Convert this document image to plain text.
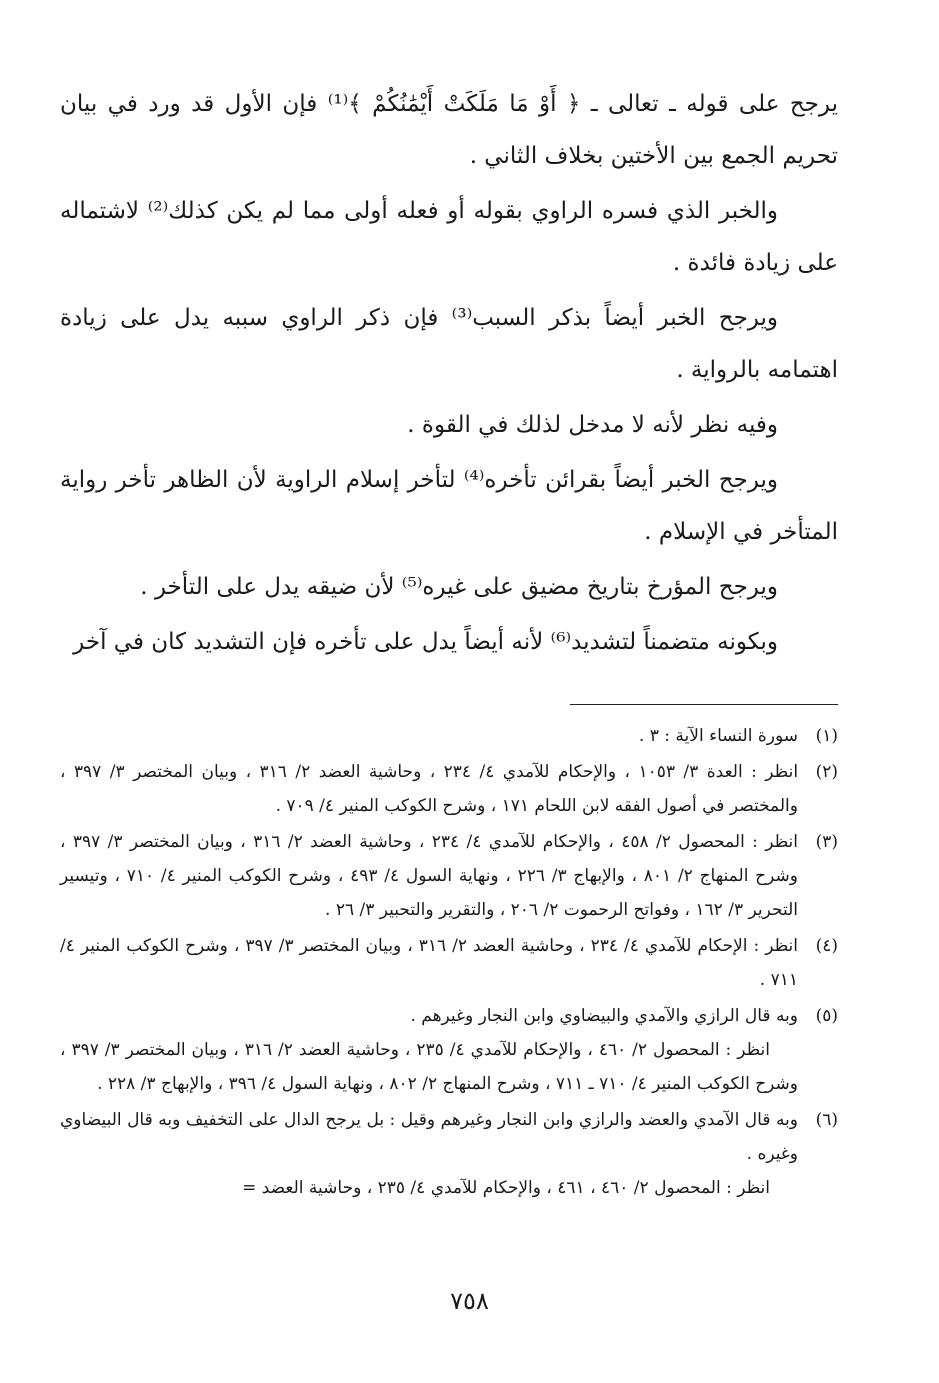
يرجح على قوله ـ تعالى ـ ﴿ أَوْ مَا مَلَكَتْ أَيْمَٰنُكُمْ ﴾⁽¹⁾ فإن الأول قد ورد في بيان تحريم الجمع بين الأختين بخلاف الثاني .

والخبر الذي فسره الراوي بقوله أو فعله أولى مما لم يكن كذلك⁽²⁾ لاشتماله على زيادة فائدة .

ويرجح الخبر أيضاً بذكر السبب⁽³⁾ فإن ذكر الراوي سببه يدل على زيادة اهتمامه بالرواية .

وفيه نظر لأنه لا مدخل لذلك في القوة .

ويرجح الخبر أيضاً بقرائن تأخره⁽⁴⁾ لتأخر إسلام الراوية لأن الظاهر تأخر رواية المتأخر في الإسلام .

ويرجح المؤرخ بتاريخ مضيق على غيره⁽⁵⁾ لأن ضيقه يدل على التأخر .

وبكونه متضمناً لتشديد⁽⁶⁾ لأنه أيضاً يدل على تأخره فإن التشديد كان في آخر

(١)
سورة النساء الآية : ٣ .
(٢)
انظر : العدة ٣/ ١٠٥٣ ، والإحكام للآمدي ٤/ ٢٣٤ ، وحاشية العضد ٢/ ٣١٦ ، وبيان المختصر ٣/ ٣٩٧ ، والمختصر في أصول الفقه لابن اللحام ١٧١ ، وشرح الكوكب المنير ٤/ ٧٠٩ .
(٣)
انظر : المحصول ٢/ ٤٥٨ ، والإحكام للآمدي ٤/ ٢٣٤ ، وحاشية العضد ٢/ ٣١٦ ، وبيان المختصر ٣/ ٣٩٧ ، وشرح المنهاج ٢/ ٨٠١ ، والإبهاج ٣/ ٢٢٦ ، ونهاية السول ٤/ ٤٩٣ ، وشرح الكوكب المنير ٤/ ٧١٠ ، وتيسير التحرير ٣/ ١٦٢ ، وفواتح الرحموت ٢/ ٢٠٦ ، والتقرير والتحبير ٣/ ٢٦ .
(٤)
انظر : الإحكام للآمدي ٤/ ٢٣٤ ، وحاشية العضد ٢/ ٣١٦ ، وبيان المختصر ٣/ ٣٩٧ ، وشرح الكوكب المنير ٤/ ٧١١ .
(٥)
وبه قال الرازي والآمدي والبيضاوي وابن النجار وغيرهم .
انظر : المحصول ٢/ ٤٦٠ ، والإحكام للآمدي ٤/ ٢٣٥ ، وحاشية العضد ٢/ ٣١٦ ، وبيان المختصر ٣/ ٣٩٧ ، وشرح الكوكب المنير ٤/ ٧١٠ ـ ٧١١ ، وشرح المنهاج ٢/ ٨٠٢ ، ونهاية السول ٤/ ٣٩٦ ، والإبهاج ٣/ ٢٢٨ .
(٦)
وبه قال الآمدي والعضد والرازي وابن النجار وغيرهم وقيل : بل يرجح الدال على التخفيف وبه قال البيضاوي وغيره .
انظر : المحصول ٢/ ٤٦٠ ، ٤٦١ ، والإحكام للآمدي ٤/ ٢٣٥ ، وحاشية العضد =
٧٥٨
